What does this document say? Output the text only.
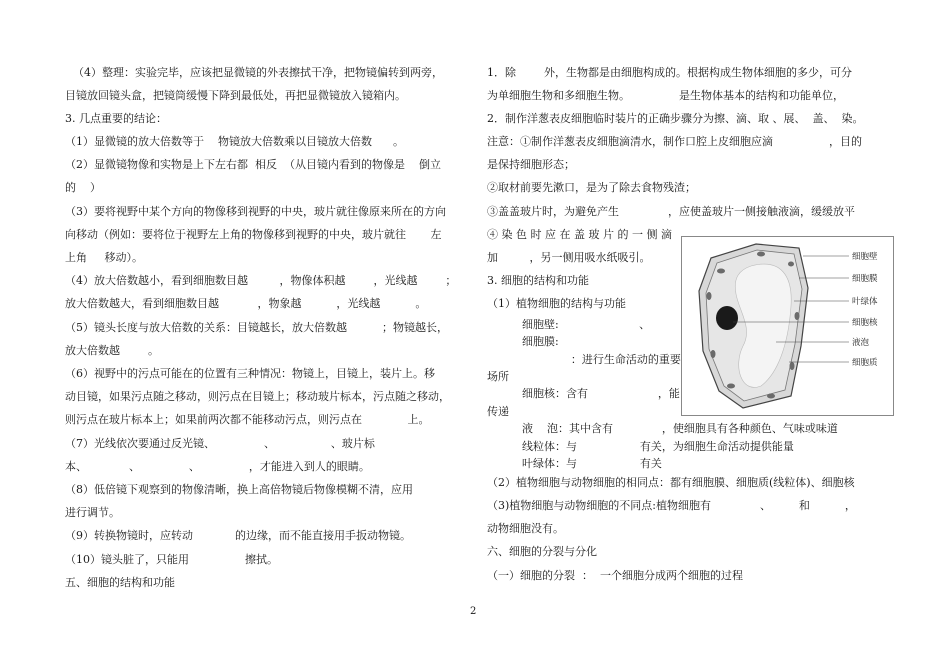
（4）整理：实验完毕，应该把显微镜的外表擦拭干净，把物镜偏转到两旁，
目镜放回镜头盒，把镜筒缓慢下降到最低处，再把显微镜放入镜箱内。
3. 几点重要的结论：
（1）显微镜的放大倍数等于    物镜放大倍数乘以目镜放大倍数      。
（2）显微镜物像和实物是上下左右都  相反  （从目镜内看到的物像是    倒立
的    ）
（3）要将视野中某个方向的物像移到视野的中央，玻片就往像原来所在的方向
向移动（例如：要将位于视野左上角的物像移到视野的中央，玻片就往       左
上角     移动）。
（4）放大倍数越小，看到细胞数目越         ，物像体积越        ，光线越        ；
放大倍数越大，看到细胞数目越           ，物象越          ，光线越          。
（5）镜头长度与放大倍数的关系：目镜越长，放大倍数越          ；物镜越长，
放大倍数越        。
（6）视野中的污点可能在的位置有三种情况：物镜上，目镜上，装片上。移
动目镜，如果污点随之移动，则污点在目镜上；移动玻片标本，污点随之移动，
则污点在玻片标本上；如果前两次都不能移动污点，则污点在             上。
（7）光线依次要通过反光镜、              、                、玻片标
本、            、              、              ，才能进入到人的眼睛。
（8）低倍镜下观察到的物像清晰，换上高倍物镜后物像模糊不清，应用
进行调节。
（9）转换物镜时，应转动            的边缘，而不能直接用手扳动物镜。
（10）镜头脏了，只能用                擦拭。
五、细胞的结构和功能
1．除        外，生物都是由细胞构成的。根据构成生物体细胞的多少，可分
为单细胞生物和多细胞生物。              是生物体基本的结构和功能单位，
2．制作洋葱表皮细胞临时装片的正确步骤分为擦、滴、取 、展、  盖、  染。
注意：①制作洋葱表皮细胞滴清水，制作口腔上皮细胞应滴                ，目的
是保持细胞形态；
②取材前要先漱口，是为了除去食物残渣；
③盖盖玻片时，为避免产生              ，应使盖玻片一侧接触液滴，缓缓放平
④ 染 色 时 应 在 盖 玻 片 的 一 侧 滴
加         ，另一侧用吸水纸吸引。
3. 细胞的结构和功能
（1）植物细胞的结构与功能
细胞壁:                       、
细胞膜:
：进行生命活动的重要
场所
细胞核：含有                    ，能
传递
液    泡：其中含有              ，使细胞具有各种颜色、气味或味道
线粒体：与                  有关，为细胞生命活动提供能量
叶绿体：与                  有关
（2）植物细胞与动物细胞的相同点：都有细胞膜、细胞质(线粒体)、细胞核
（3)植物细胞与动物细胞的不同点:植物细胞有              、        和          ，
动物细胞没有。
六、细胞的分裂与分化
（一）细胞的分裂  ：  一个细胞分成两个细胞的过程
细胞壁
细胞膜
叶绿体
细胞核
液泡
细胞质
2
